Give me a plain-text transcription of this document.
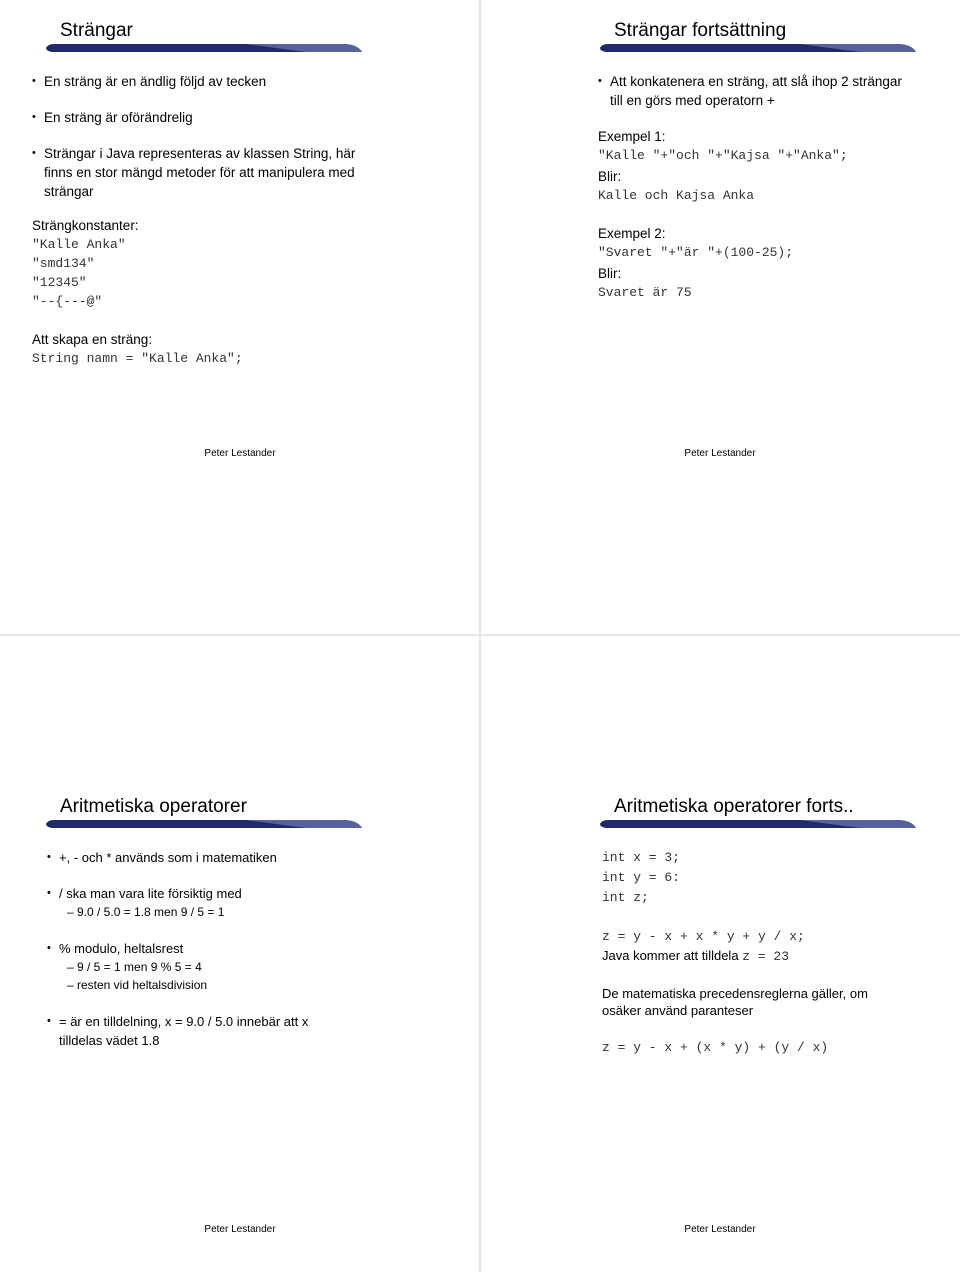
Strängar
• En sträng är en ändlig följd av tecken
• En sträng är oförändrelig
• Strängar i Java representeras av klassen String, här finns en stor mängd metoder för att manipulera med strängar
Strängkonstanter:
″Kalle Anka″
″smd134″
″12345″
″--{---@″
Att skapa en sträng:
String namn = ″Kalle Anka″;
Peter Lestander
Strängar fortsättning
• Att konkatenera en sträng, att slå ihop 2 strängar till en görs med operatorn +
Exempel 1:
″Kalle ″+″och ″+″Kajsa ″+″Anka″;
Blir:
Kalle och Kajsa Anka
Exempel 2:
″Svaret ″+″är ″+(100-25);
Blir:
Svaret är 75
Peter Lestander
Aritmetiska operatorer
• +, - och * används som i matematiken
• / ska man vara lite försiktig med
– 9.0 / 5.0 = 1.8 men 9 / 5 = 1
• % modulo, heltalsrest
– 9 / 5 = 1 men 9 % 5 = 4
– resten vid heltalsdivision
• = är en tilldelning, x = 9.0 / 5.0 innebär att x tilldelas vädet 1.8
Peter Lestander
Aritmetiska operatorer forts..
int x = 3;
int y = 6:
int z;
z = y - x + x * y + y / x;
Java kommer att tilldela z = 23
De matematiska precedensreglerna gäller, om osäker använd paranteser
z = y - x + (x * y) + (y / x)
Peter Lestander
